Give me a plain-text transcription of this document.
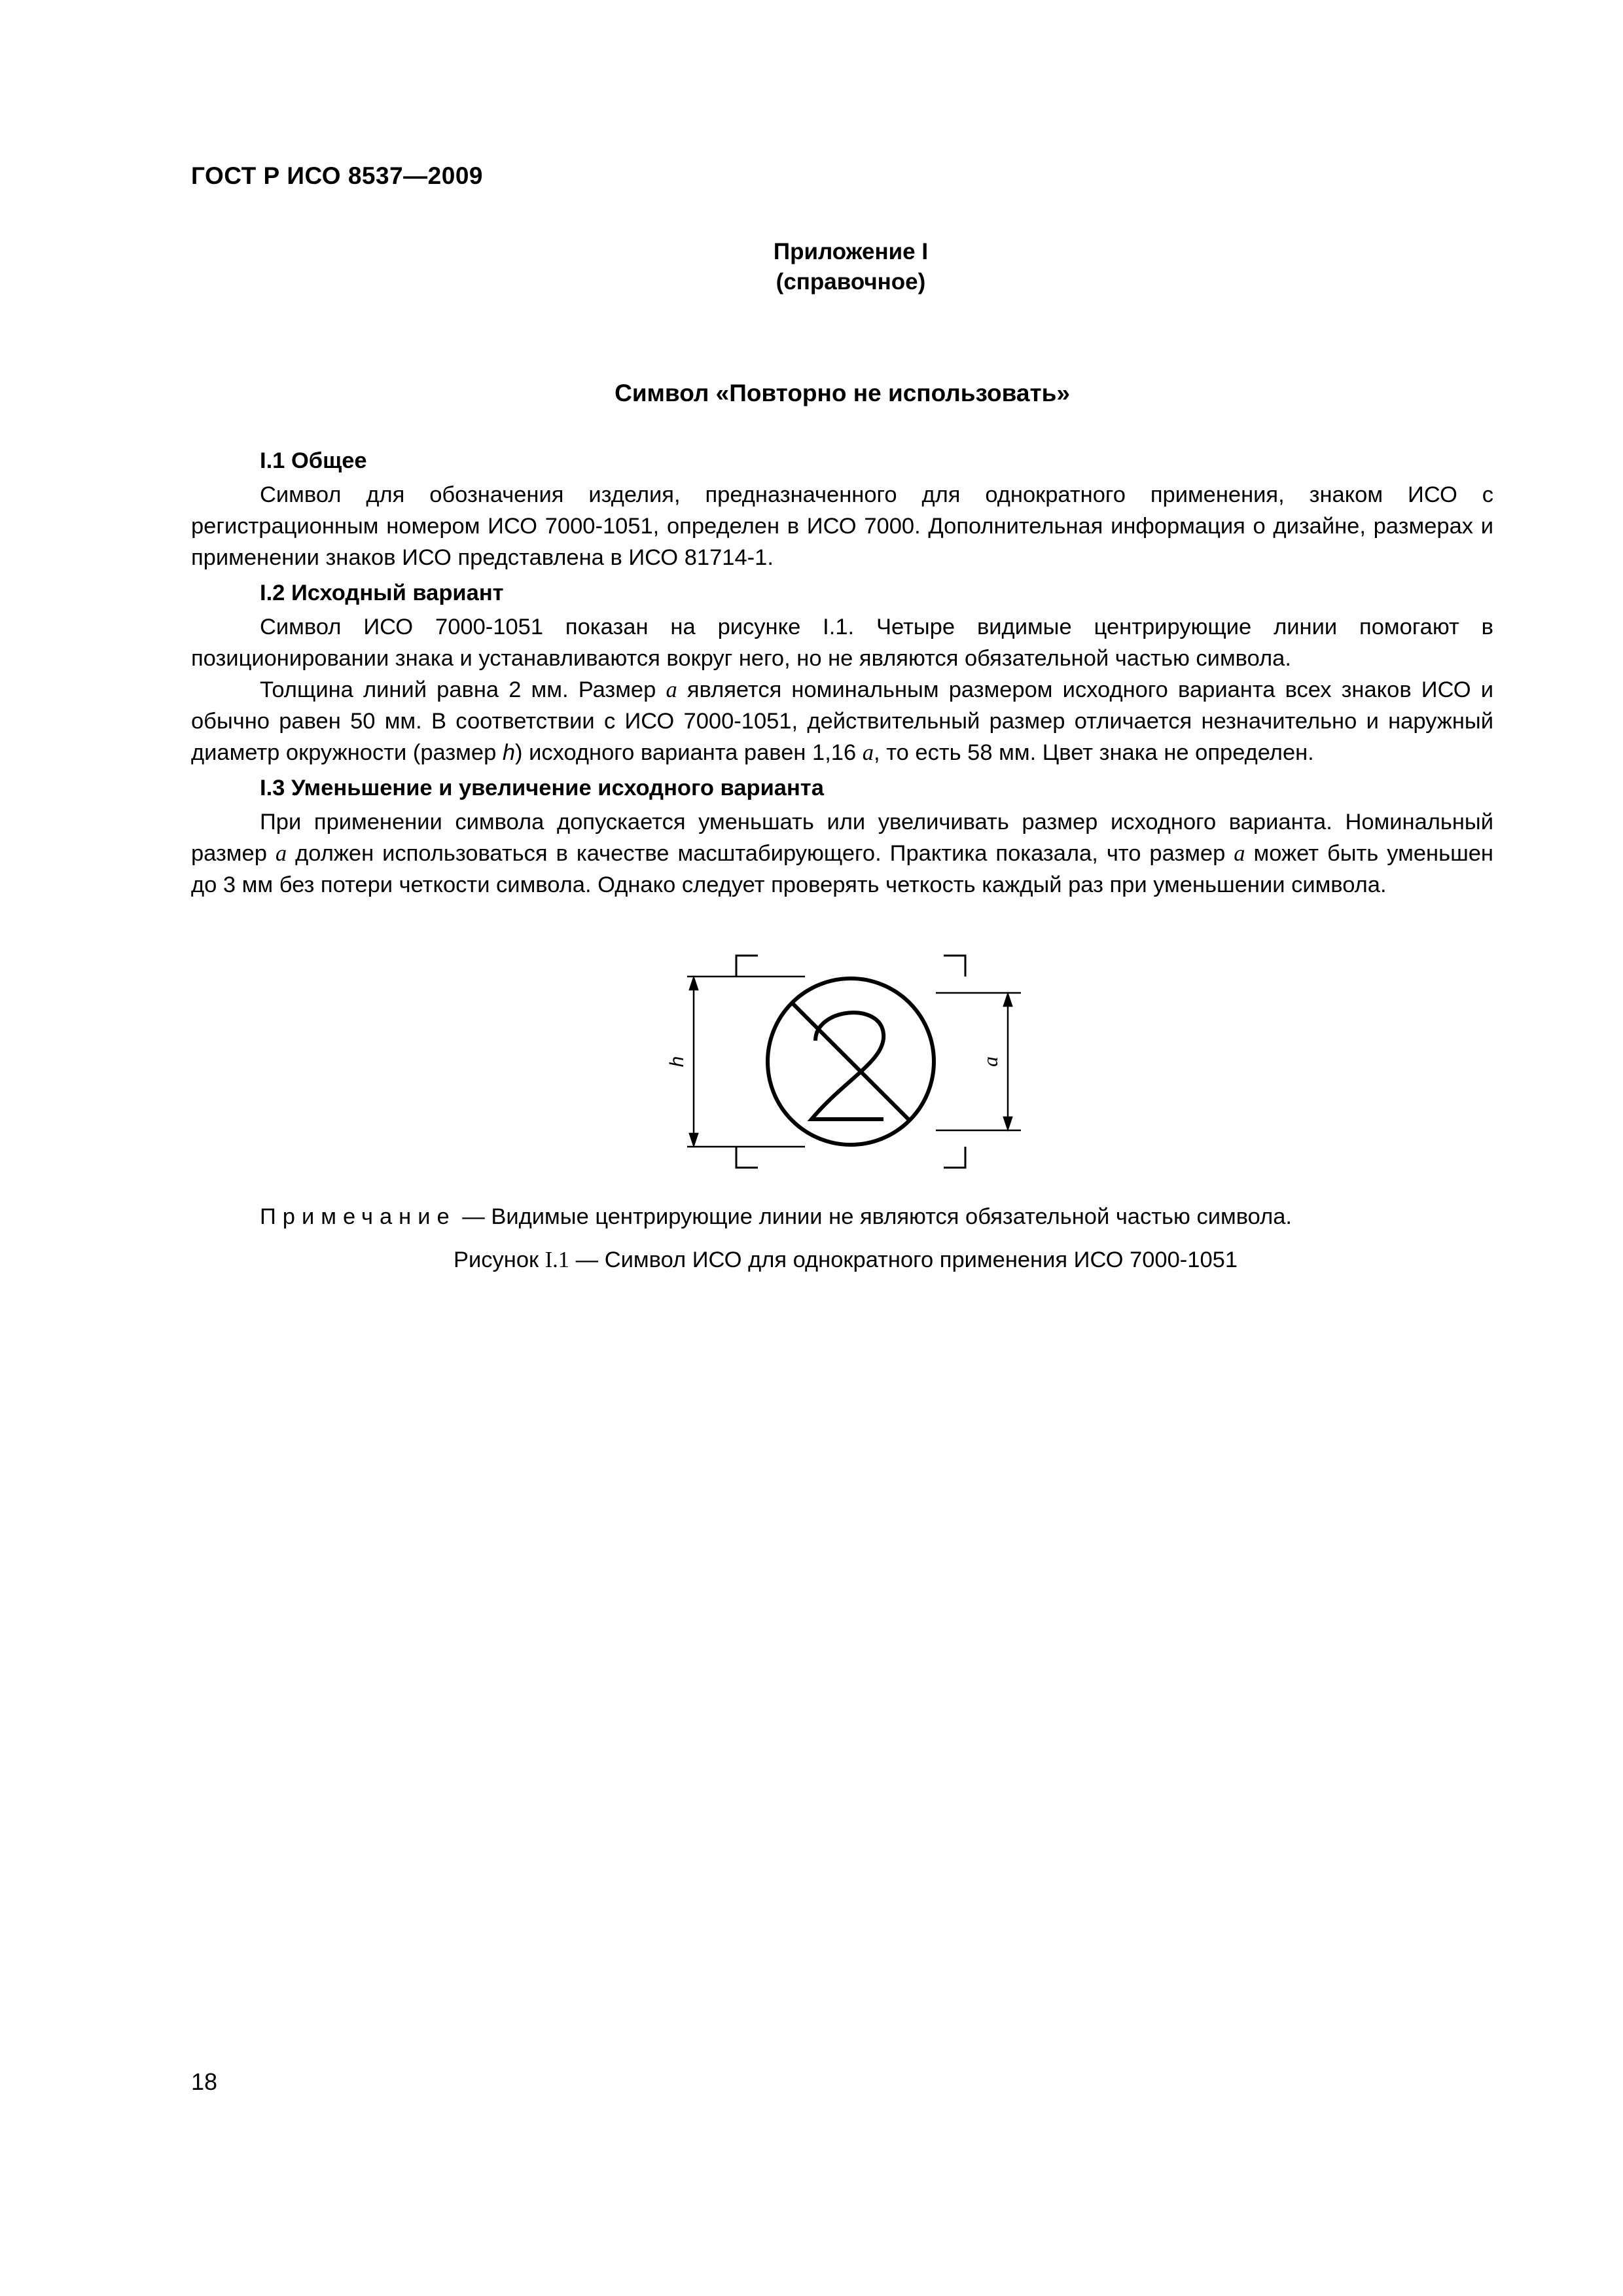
ГОСТ Р ИСО 8537—2009
Приложение I
(справочное)
Символ «Повторно не использовать»
I.1 Общее

Символ для обозначения изделия, предназначенного для однократного применения, знаком ИСО с регистрационным номером ИСО 7000-1051, определен в ИСО 7000. Дополнительная информация о дизайне, размерах и применении знаков ИСО представлена в ИСО 81714-1.

I.2 Исходный вариант

Символ ИСО 7000-1051 показан на рисунке I.1. Четыре видимые центрирующие линии помогают в позиционировании знака и устанавливаются вокруг него, но не являются обязательной частью символа.

Толщина линий равна 2 мм. Размер a является номинальным размером исходного варианта всех знаков ИСО и обычно равен 50 мм. В соответствии с ИСО 7000-1051, действительный размер отличается незначительно и наружный диаметр окружности (размер h) исходного варианта равен 1,16 a, то есть 58 мм. Цвет знака не определен.

I.3 Уменьшение и увеличение исходного варианта

При применении символа допускается уменьшать или увеличивать размер исходного варианта. Номинальный размер a должен использоваться в качестве масштабирующего. Практика показала, что размер a может быть уменьшен до 3 мм без потери четкости символа. Однако следует проверять четкость каждый раз при уменьшении символа.

h	a
Примечание — Видимые центрирующие линии не являются обязательной частью символа.
Рисунок I.1 — Символ ИСО для однократного применения ИСО 7000-1051
18
